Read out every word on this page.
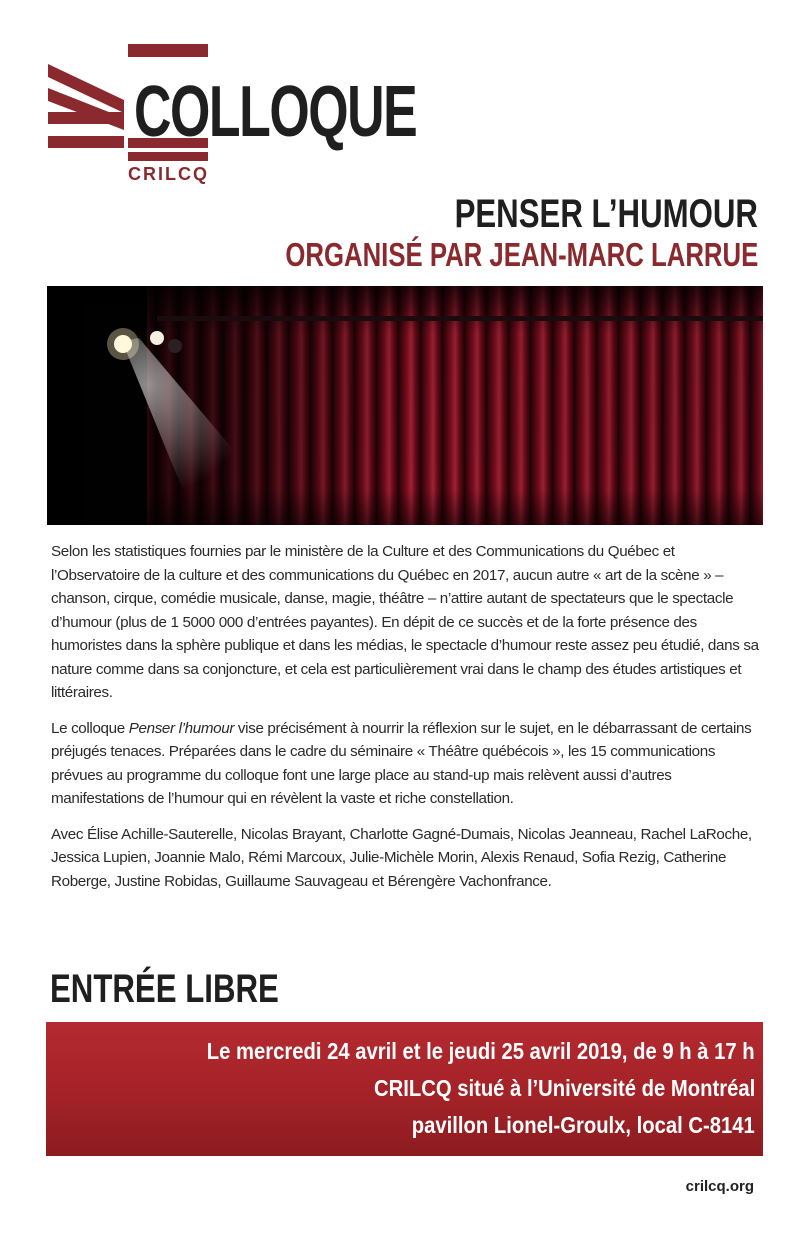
COLLOQUE
CRILCQ
PENSER L’HUMOUR
ORGANISÉ PAR JEAN-MARC LARRUE

Selon les statistiques fournies par le ministère de la Culture et des Communications du Québec et l’Observatoire de la culture et des communications du Québec en 2017, aucun autre « art de la scène » – chanson, cirque, comédie musicale, danse, magie, théâtre – n’attire autant de spectateurs que le spectacle d’humour (plus de 1 5000 000 d’entrées payantes). En dépit de ce succès et de la forte présence des humoristes dans la sphère publique et dans les médias, le spectacle d’humour reste assez peu étudié, dans sa nature comme dans sa conjoncture, et cela est particulièrement vrai dans le champ des études artistiques et littéraires.

Le colloque Penser l’humour vise précisément à nourrir la réflexion sur le sujet, en le débarrassant de certains préjugés tenaces. Préparées dans le cadre du séminaire « Théâtre québécois », les 15 communications prévues au programme du colloque font une large place au stand-up mais relèvent aussi d’autres manifestations de l’humour qui en révèlent la vaste et riche constellation.

Avec Élise Achille-Sauterelle, Nicolas Brayant, Charlotte Gagné-Dumais, Nicolas Jeanneau, Rachel LaRoche, Jessica Lupien, Joannie Malo, Rémi Marcoux, Julie-Michèle Morin, Alexis Renaud, Sofia Rezig, Catherine Roberge, Justine Robidas, Guillaume Sauvageau et Bérengère Vachonfrance.

ENTRÉE LIBRE
Le mercredi 24 avril et le jeudi 25 avril 2019, de 9 h à 17 h
CRILCQ situé à l’Université de Montréal
pavillon Lionel-Groulx, local C-8141
crilcq.org
